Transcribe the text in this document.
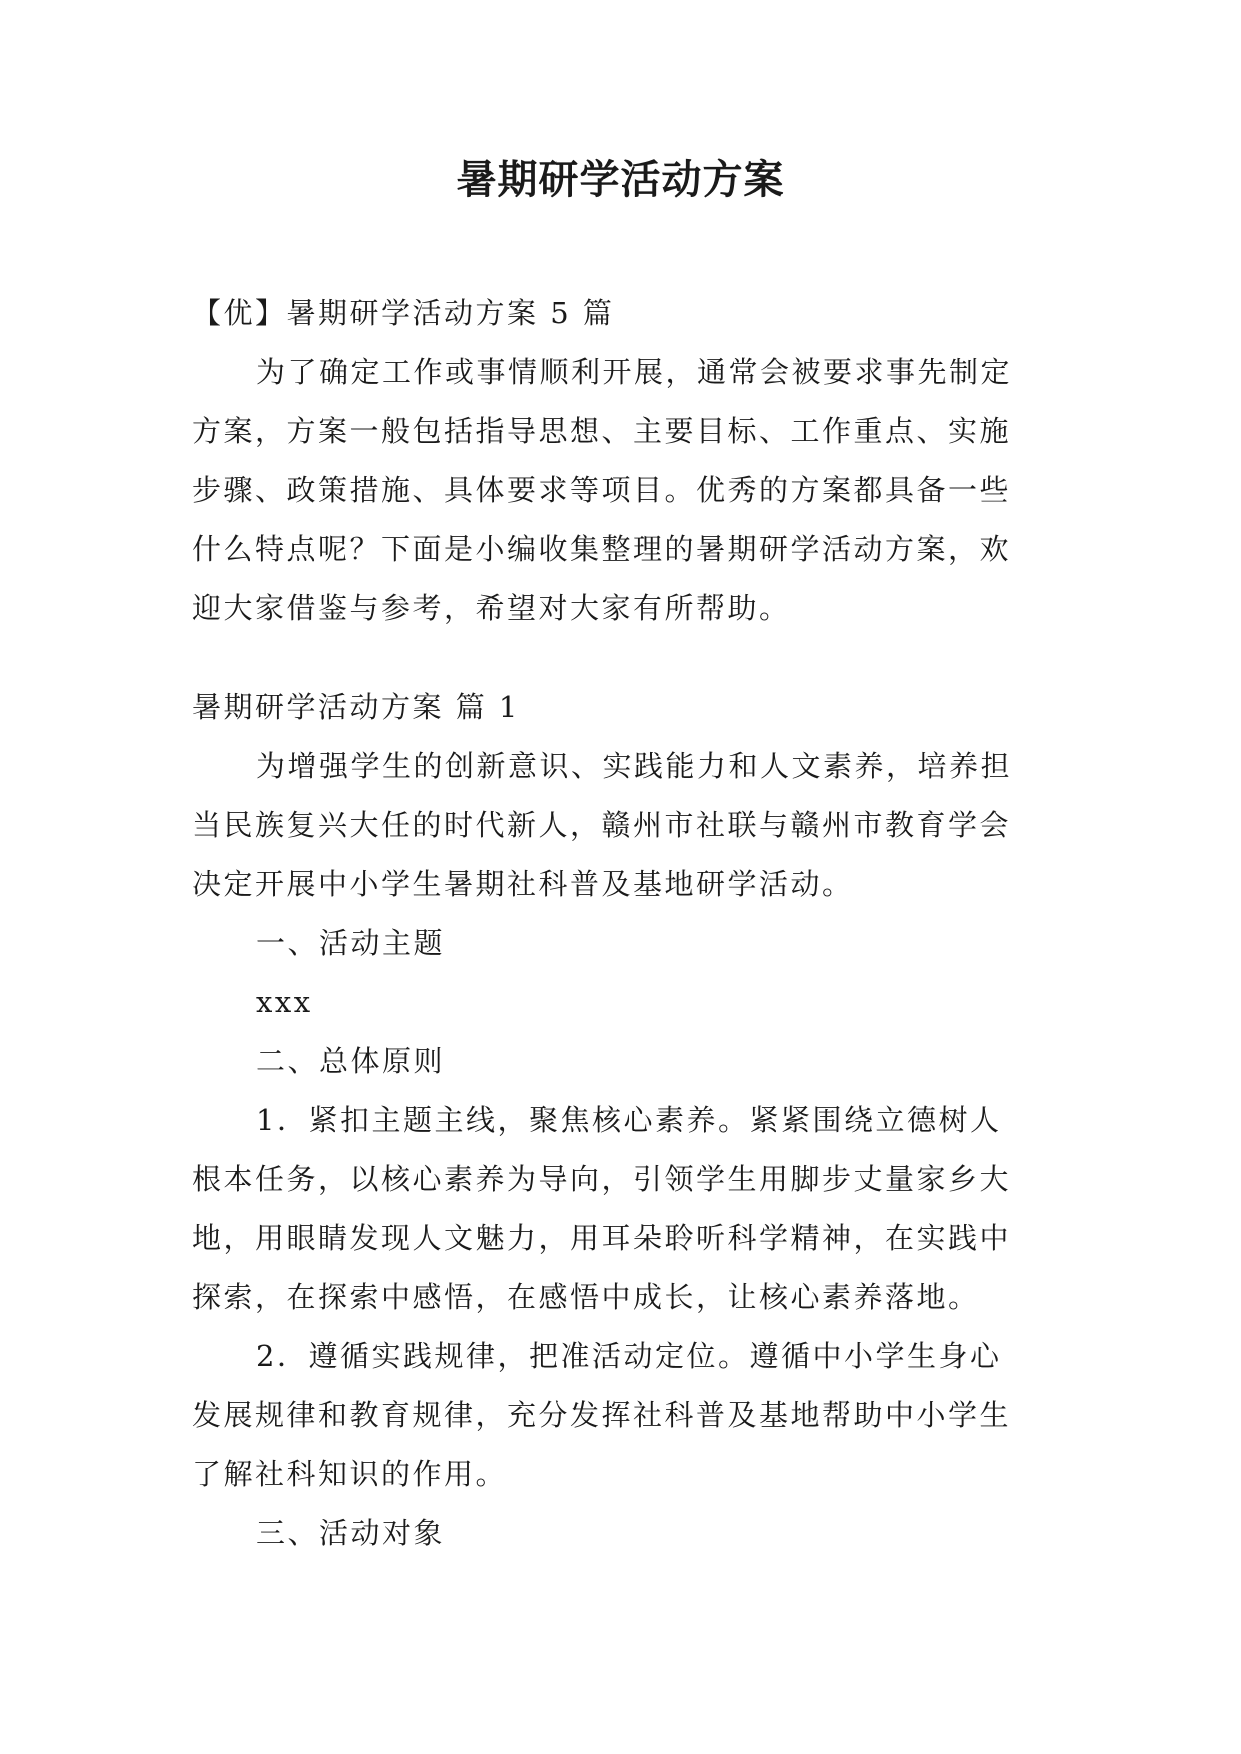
暑期研学活动方案

【优】暑期研学活动方案 5 篇

为了确定工作或事情顺利开展，通常会被要求事先制定

方案，方案一般包括指导思想、主要目标、工作重点、实施

步骤、政策措施、具体要求等项目。优秀的方案都具备一些

什么特点呢？下面是小编收集整理的暑期研学活动方案，欢

迎大家借鉴与参考，希望对大家有所帮助。

暑期研学活动方案 篇 1

为增强学生的创新意识、实践能力和人文素养，培养担

当民族复兴大任的时代新人，赣州市社联与赣州市教育学会

决定开展中小学生暑期社科普及基地研学活动。

一、活动主题

xxx

二、总体原则

1．紧扣主题主线，聚焦核心素养。紧紧围绕立德树人

根本任务，以核心素养为导向，引领学生用脚步丈量家乡大

地，用眼睛发现人文魅力，用耳朵聆听科学精神，在实践中

探索，在探索中感悟，在感悟中成长，让核心素养落地。

2．遵循实践规律，把准活动定位。遵循中小学生身心

发展规律和教育规律，充分发挥社科普及基地帮助中小学生

了解社科知识的作用。

三、活动对象
